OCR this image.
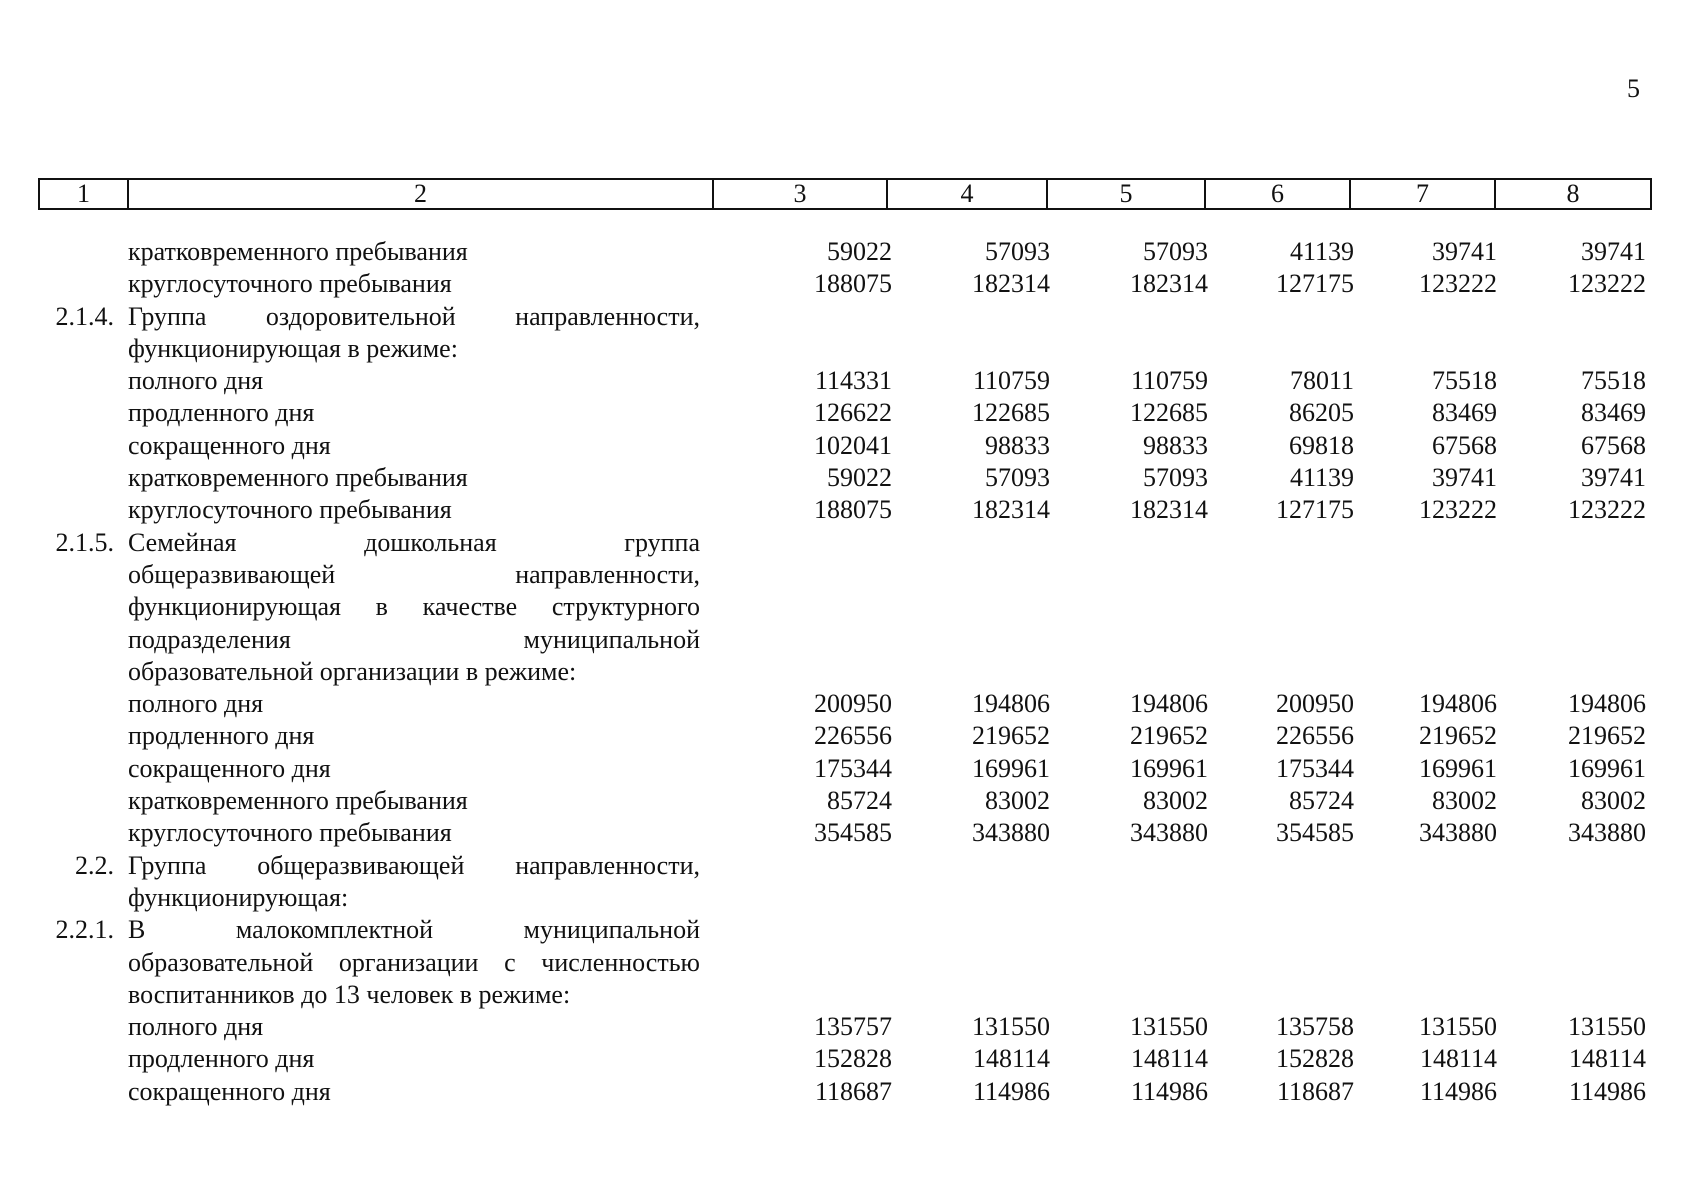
5
1	2	3	4	5	6	7	8
кратковременного пребывания	59022	57093	57093	41139	39741	39741
круглосуточного пребывания	188075	182314	182314	127175	123222	123222
2.1.4. Группа оздоровительной направленности,
функционирующая в режиме:
полного дня	114331	110759	110759	78011	75518	75518
продленного дня	126622	122685	122685	86205	83469	83469
сокращенного дня	102041	98833	98833	69818	67568	67568
кратковременного пребывания	59022	57093	57093	41139	39741	39741
круглосуточного пребывания	188075	182314	182314	127175	123222	123222
2.1.5. Семейная дошкольная группа
общеразвивающей направленности,
функционирующая в качестве структурного
подразделения муниципальной
образовательной организации в режиме:
полного дня	200950	194806	194806	200950	194806	194806
продленного дня	226556	219652	219652	226556	219652	219652
сокращенного дня	175344	169961	169961	175344	169961	169961
кратковременного пребывания	85724	83002	83002	85724	83002	83002
круглосуточного пребывания	354585	343880	343880	354585	343880	343880
2.2. Группа общеразвивающей направленности,
функционирующая:
2.2.1. В малокомплектной муниципальной
образовательной организации с численностью
воспитанников до 13 человек в режиме:
полного дня	135757	131550	131550	135758	131550	131550
продленного дня	152828	148114	148114	152828	148114	148114
сокращенного дня	118687	114986	114986	118687	114986	114986
